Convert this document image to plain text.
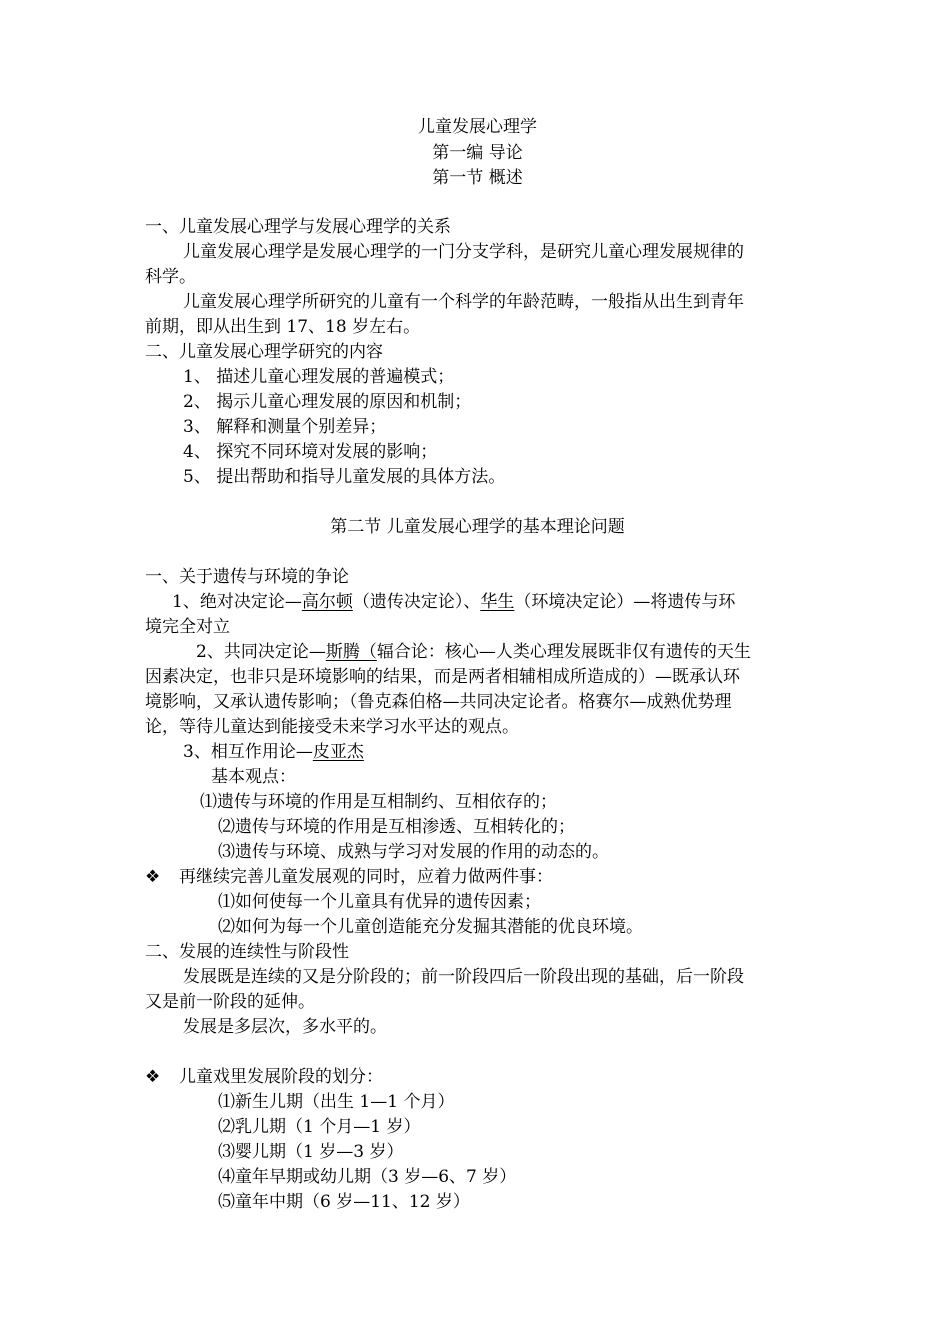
儿童发展心理学
第一编 导论
第一节 概述
一、儿童发展心理学与发展心理学的关系
儿童发展心理学是发展心理学的一门分支学科，是研究儿童心理发展规律的
科学。
儿童发展心理学所研究的儿童有一个科学的年龄范畴，一般指从出生到青年
前期，即从出生到 17、18 岁左右。
二、儿童发展心理学研究的内容
1、 描述儿童心理发展的普遍模式；
2、 揭示儿童心理发展的原因和机制；
3、 解释和测量个别差异；
4、 探究不同环境对发展的影响；
5、 提出帮助和指导儿童发展的具体方法。
第二节 儿童发展心理学的基本理论问题
一、关于遗传与环境的争论
1、绝对决定论—高尔顿（遗传决定论）、华生（环境决定论）—将遗传与环
境完全对立
2、共同决定论—斯腾（辐合论：核心—人类心理发展既非仅有遗传的天生
因素决定，也非只是环境影响的结果，而是两者相辅相成所造成的）—既承认环
境影响，又承认遗传影响；（鲁克森伯格—共同决定论者。格赛尔—成熟优势理
论，等待儿童达到能接受未来学习水平达的观点。
3、相互作用论—皮亚杰
基本观点：
⑴遗传与环境的作用是互相制约、互相依存的；
⑵遗传与环境的作用是互相渗透、互相转化的；
⑶遗传与环境、成熟与学习对发展的作用的动态的。
❖ 再继续完善儿童发展观的同时，应着力做两件事：
⑴如何使每一个儿童具有优异的遗传因素；
⑵如何为每一个儿童创造能充分发掘其潜能的优良环境。
二、发展的连续性与阶段性
发展既是连续的又是分阶段的；前一阶段四后一阶段出现的基础，后一阶段
又是前一阶段的延伸。
发展是多层次，多水平的。
❖ 儿童戏里发展阶段的划分：
⑴新生儿期（出生 1—1 个月）
⑵乳儿期（1 个月—1 岁）
⑶婴儿期（1 岁—3 岁）
⑷童年早期或幼儿期（3 岁—6、7 岁）
⑸童年中期（6 岁—11、12 岁）
